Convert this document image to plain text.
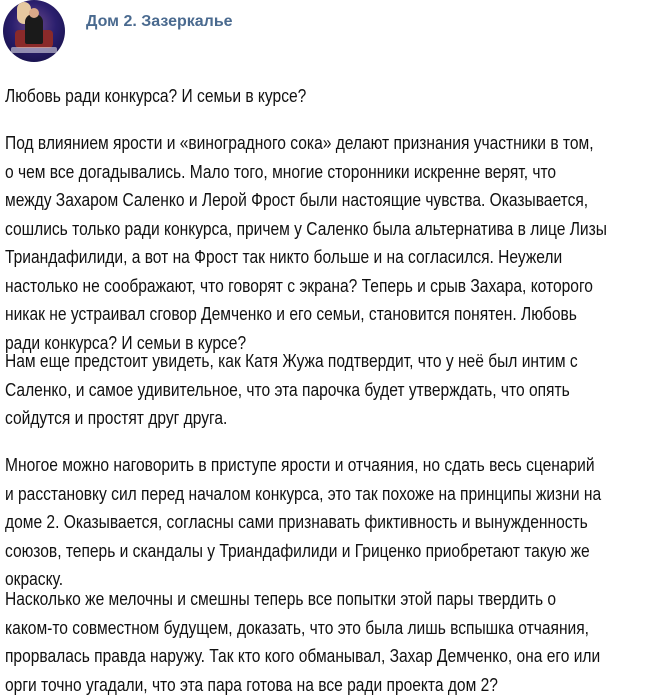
Дом 2. Зазеркалье
Любовь ради конкурса? И семьи в курсе?
Под влиянием ярости и «виноградного сока» делают признания участники в том,
о чем все догадывались. Мало того, многие сторонники искренне верят, что
между Захаром Саленко и Лерой Фрост были настоящие чувства. Оказывается,
сошлись только ради конкурса, причем у Саленко была альтернатива в лице Лизы
Триандафилиди, а вот на Фрост так никто больше и на согласился. Неужели
настолько не соображают, что говорят с экрана? Теперь и срыв Захара, которого
никак не устраивал сговор Демченко и его семьи, становится понятен. Любовь
ради конкурса? И семьи в курсе?
Нам еще предстоит увидеть, как Катя Жужа подтвердит, что у неё был интим с
Саленко, и самое удивительное, что эта парочка будет утверждать, что опять
сойдутся и простят друг друга.
Многое можно наговорить в приступе ярости и отчаяния, но сдать весь сценарий
и расстановку сил перед началом конкурса, это так похоже на принципы жизни на
доме 2. Оказывается, согласны сами признавать фиктивность и вынужденность
союзов, теперь и скандалы у Триандафилиди и Гриценко приобретают такую же
окраску.
Насколько же мелочны и смешны теперь все попытки этой пары твердить о
каком-то совместном будущем, доказать, что это была лишь вспышка отчаяния,
прорвалась правда наружу. Так кто кого обманывал, Захар Демченко, она его или
орги точно угадали, что эта пара готова на все ради проекта дом 2?
